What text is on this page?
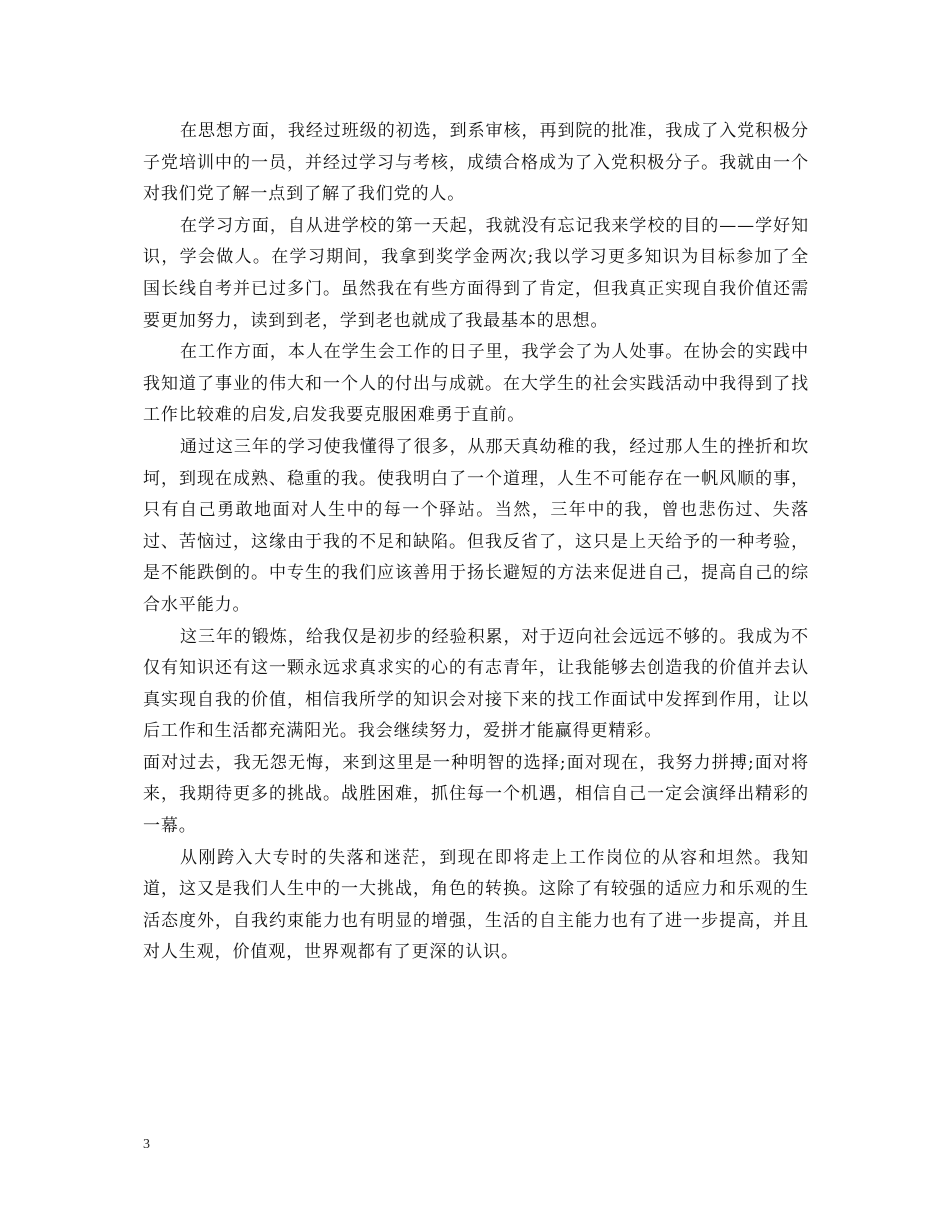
在思想方面，我经过班级的初选，到系审核，再到院的批准，我成了入党积极分子党培训中的一员，并经过学习与考核，成绩合格成为了入党积极分子。我就由一个对我们党了解一点到了解了我们党的人。

在学习方面，自从进学校的第一天起，我就没有忘记我来学校的目的——学好知识，学会做人。在学习期间，我拿到奖学金两次;我以学习更多知识为目标参加了全国长线自考并已过多门。虽然我在有些方面得到了肯定，但我真正实现自我价值还需要更加努力，读到到老，学到老也就成了我最基本的思想。

在工作方面，本人在学生会工作的日子里，我学会了为人处事。在协会的实践中我知道了事业的伟大和一个人的付出与成就。在大学生的社会实践活动中我得到了找工作比较难的启发,启发我要克服困难勇于直前。

通过这三年的学习使我懂得了很多，从那天真幼稚的我，经过那人生的挫折和坎坷，到现在成熟、稳重的我。使我明白了一个道理，人生不可能存在一帆风顺的事，只有自己勇敢地面对人生中的每一个驿站。当然，三年中的我，曾也悲伤过、失落过、苦恼过，这缘由于我的不足和缺陷。但我反省了，这只是上天给予的一种考验，是不能跌倒的。中专生的我们应该善用于扬长避短的方法来促进自己，提高自己的综合水平能力。

这三年的锻炼，给我仅是初步的经验积累，对于迈向社会远远不够的。我成为不仅有知识还有这一颗永远求真求实的心的有志青年，让我能够去创造我的价值并去认真实现自我的价值，相信我所学的知识会对接下来的找工作面试中发挥到作用，让以后工作和生活都充满阳光。我会继续努力，爱拼才能赢得更精彩。

面对过去，我无怨无悔，来到这里是一种明智的选择;面对现在，我努力拼搏;面对将来，我期待更多的挑战。战胜困难，抓住每一个机遇，相信自己一定会演绎出精彩的一幕。

从刚跨入大专时的失落和迷茫，到现在即将走上工作岗位的从容和坦然。我知道，这又是我们人生中的一大挑战，角色的转换。这除了有较强的适应力和乐观的生活态度外，自我约束能力也有明显的增强，生活的自主能力也有了进一步提高，并且对人生观，价值观，世界观都有了更深的认识。

3
